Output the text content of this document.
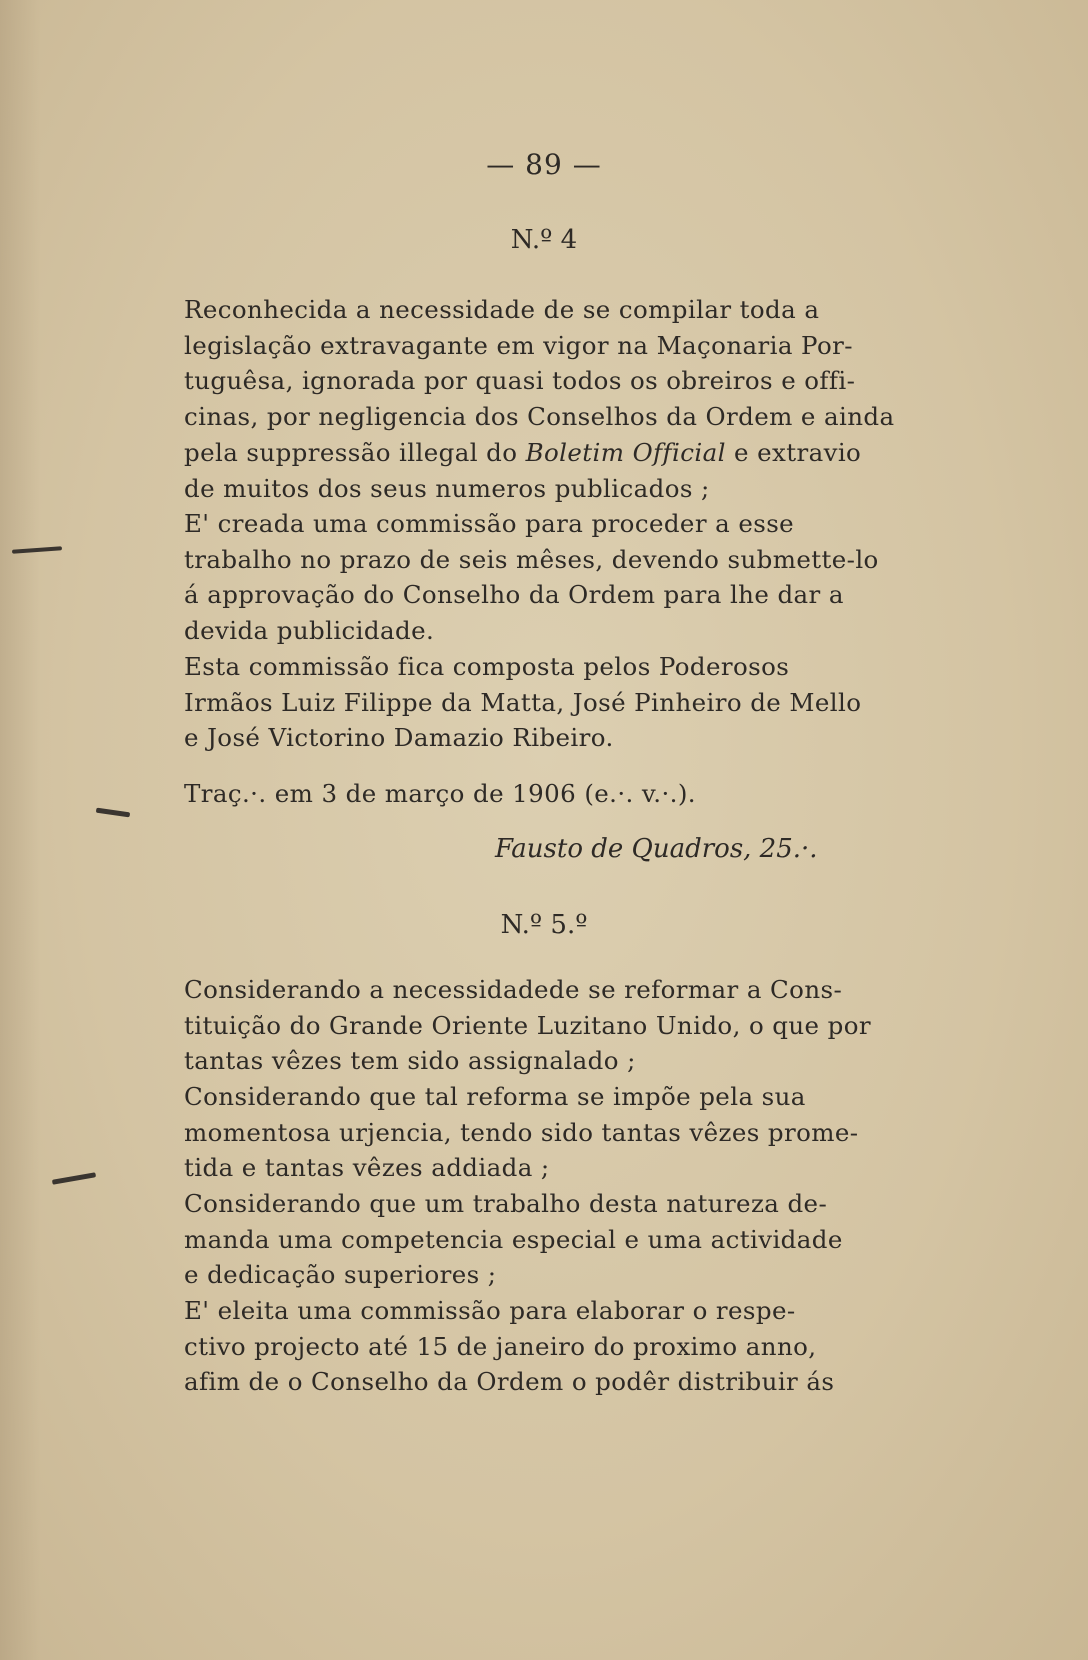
— 89 —
N.º 4

Reconhecida a necessidade de se compilar toda a
legislação extravagante em vigor na Maçonaria Por-
tuguêsa, ignorada por quasi todos os obreiros e offi-
cinas, por negligencia dos Conselhos da Ordem e ainda
pela suppressão illegal do Boletim Official e extravio
de muitos dos seus numeros publicados ;

E' creada uma commissão para proceder a esse
trabalho no prazo de seis mêses, devendo submette-lo
á approvação do Conselho da Ordem para lhe dar a
devida publicidade.

Esta commissão fica composta pelos Poderosos
Irmãos Luiz Filippe da Matta, José Pinheiro de Mello
e José Victorino Damazio Ribeiro.

Traç.·. em 3 de março de 1906 (e.·. v.·.).

Fausto de Quadros, 25.·.
N.º 5.º

Considerando a necessidadede se reformar a Cons-
tituição do Grande Oriente Luzitano Unido, o que por
tantas vêzes tem sido assignalado ;

Considerando que tal reforma se impõe pela sua
momentosa urjencia, tendo sido tantas vêzes prome-
tida e tantas vêzes addiada ;

Considerando que um trabalho desta natureza de-
manda uma competencia especial e uma actividade
e dedicação superiores ;

E' eleita uma commissão para elaborar o respe-
ctivo projecto até 15 de janeiro do proximo anno,
afim de o Conselho da Ordem o podêr distribuir ás
